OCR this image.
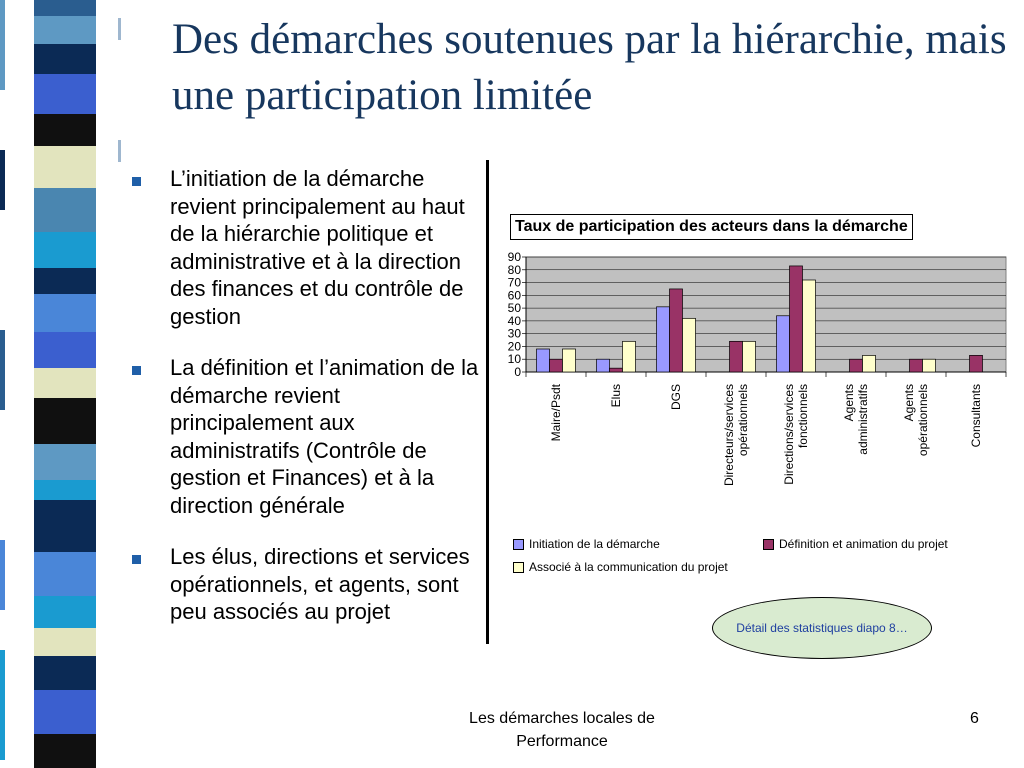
Des démarches soutenues par la hiérarchie, mais une participation limitée
L’initiation de la démarche revient principalement au haut de la hiérarchie politique et administrative et à la direction des finances et du contrôle de gestion
La définition et l’animation de la démarche revient principalement aux administratifs (Contrôle de gestion et Finances) et à la direction générale
Les élus, directions et services opérationnels, et agents, sont peu associés au projet
Taux de participation des acteurs dans la démarche
0
10
20
30
40
50
60
70
80
90
Maire/Psdt	Elus	DGS	Directeurs/services opérationnels	Directions/services fonctionnels	Agents administratifs	Agents opérationnels	Consultants
Initiation de la démarche	Définition et animation du projet
Associé à la communication du projet
Détail des statistiques diapo 8…
Les démarches locales de Performance
6
